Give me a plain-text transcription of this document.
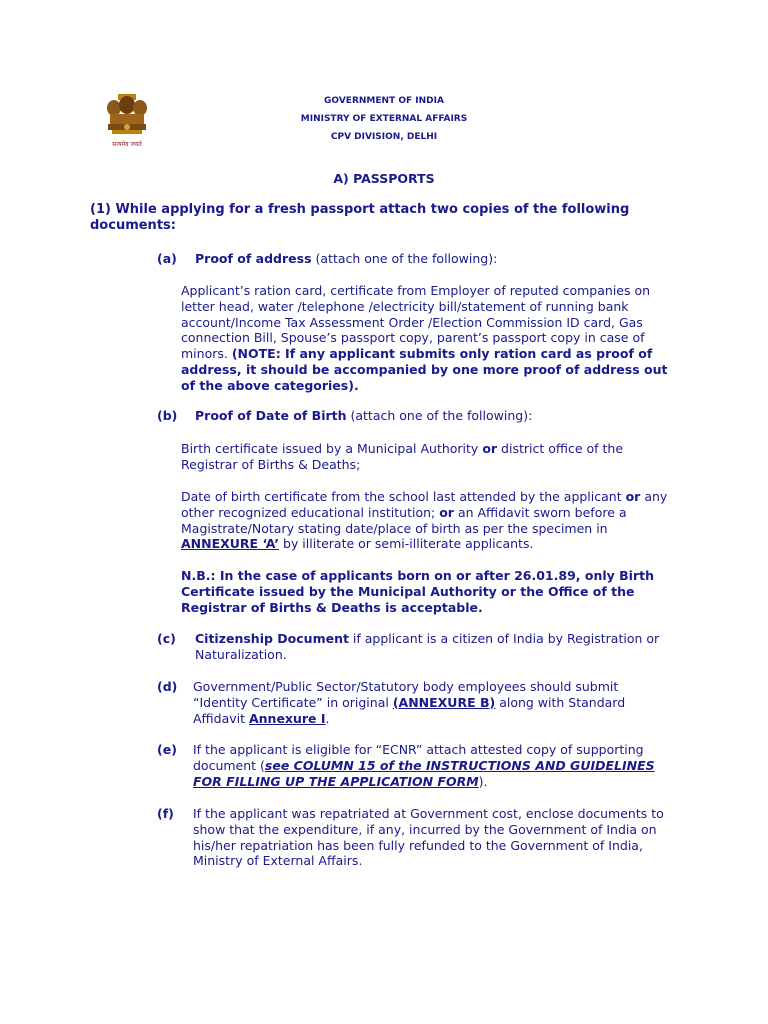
सत्यमेव जयते
GOVERNMENT OF INDIA
MINISTRY OF EXTERNAL AFFAIRS
CPV DIVISION, DELHI
A) PASSPORTS
(1) While applying for a fresh passport attach two copies of the following documents:
(a) Proof of address (attach one of the following):
Applicant’s ration card, certificate from Employer of reputed companies on letter head, water /telephone /electricity bill/statement of running bank account/Income Tax Assessment Order /Election Commission ID card, Gas connection Bill, Spouse’s passport copy, parent’s passport copy in case of minors. (NOTE: If any applicant submits only ration card as proof of address, it should be accompanied by one more proof of address out of the above categories).
(b) Proof of Date of Birth (attach one of the following):
Birth certificate issued by a Municipal Authority or district office of the Registrar of Births & Deaths;
Date of birth certificate from the school last attended by the applicant or any other recognized educational institution; or an Affidavit sworn before a Magistrate/Notary stating date/place of birth as per the specimen in ANNEXURE ‘A’ by illiterate or semi-illiterate applicants.
N.B.: In the case of applicants born on or after 26.01.89, only Birth Certificate issued by the Municipal Authority or the Office of the Registrar of Births & Deaths is acceptable.
(c) Citizenship Document if applicant is a citizen of India by Registration or Naturalization.
(d) Government/Public Sector/Statutory body employees should submit “Identity Certificate” in original (ANNEXURE B) along with Standard Affidavit Annexure I.
(e) If the applicant is eligible for “ECNR” attach attested copy of supporting document (see COLUMN 15 of the INSTRUCTIONS AND GUIDELINES FOR FILLING UP THE APPLICATION FORM).
(f) If the applicant was repatriated at Government cost, enclose documents to show that the expenditure, if any, incurred by the Government of India on his/her repatriation has been fully refunded to the Government of India, Ministry of External Affairs.
